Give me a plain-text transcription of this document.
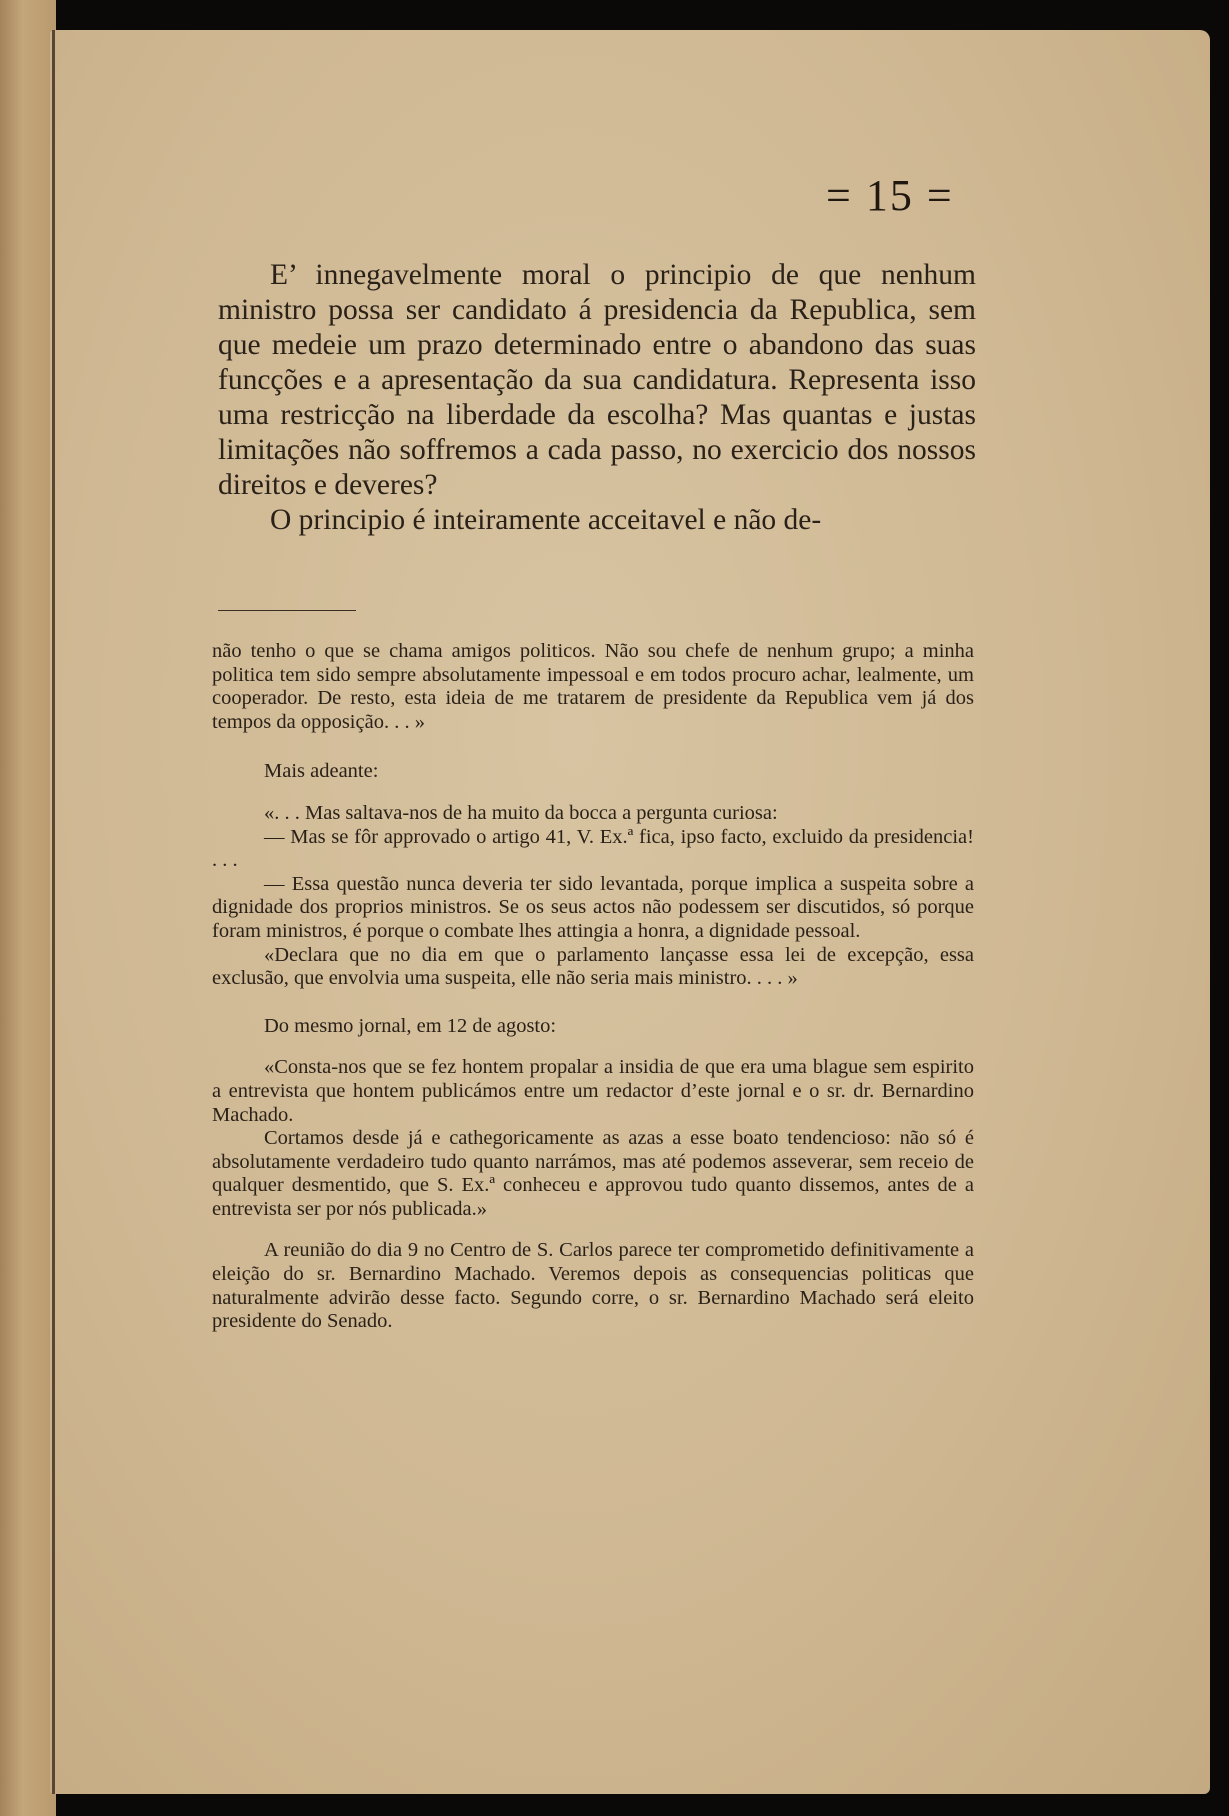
= 15 =

E’ innegavelmente moral o principio de que nenhum ministro possa ser candidato á presidencia da Republica, sem que medeie um prazo determinado entre o abandono das suas funcções e a apresentação da sua candidatura. Representa isso uma restricção na liberdade da escolha? Mas quantas e justas limitações não soffremos a cada passo, no exercicio dos nossos direitos e deveres?

O principio é inteiramente acceitavel e não de-

não tenho o que se chama amigos politicos. Não sou chefe de nenhum grupo; a minha politica tem sido sempre absolutamente impessoal e em todos procuro achar, lealmente, um cooperador. De resto, esta ideia de me tratarem de presidente da Republica vem já dos tempos da opposição. . . »

Mais adeante:

«. . . Mas saltava-nos de ha muito da bocca a pergunta curiosa:

— Mas se fôr approvado o artigo 41, V. Ex.ª fica, ipso facto, excluido da presidencia! . . .

— Essa questão nunca deveria ter sido levantada, porque implica a suspeita sobre a dignidade dos proprios ministros. Se os seus actos não podessem ser discutidos, só porque foram ministros, é porque o combate lhes attingia a honra, a dignidade pessoal.

«Declara que no dia em que o parlamento lançasse essa lei de excepção, essa exclusão, que envolvia uma suspeita, elle não seria mais ministro. . . . »

Do mesmo jornal, em 12 de agosto:

«Consta-nos que se fez hontem propalar a insidia de que era uma blague sem espirito a entrevista que hontem publicámos entre um redactor d’este jornal e o sr. dr. Bernardino Machado.

Cortamos desde já e cathegoricamente as azas a esse boato tendencioso: não só é absolutamente verdadeiro tudo quanto narrámos, mas até podemos asseverar, sem receio de qualquer desmentido, que S. Ex.ª conheceu e approvou tudo quanto dissemos, antes de a entrevista ser por nós publicada.»

A reunião do dia 9 no Centro de S. Carlos parece ter comprometido definitivamente a eleição do sr. Bernardino Machado. Veremos depois as consequencias politicas que naturalmente advirão desse facto. Segundo corre, o sr. Bernardino Machado será eleito presidente do Senado.
